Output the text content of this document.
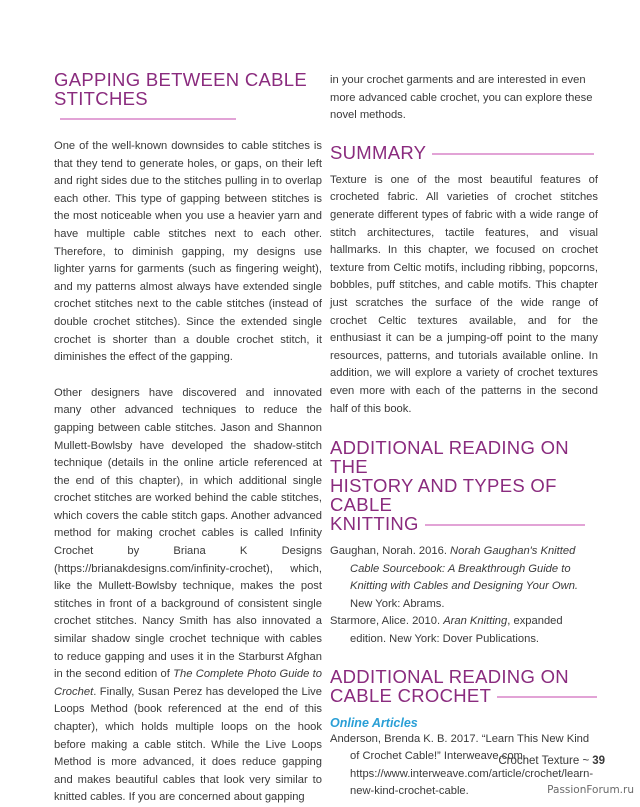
GAPPING BETWEEN CABLE
STITCHES

One of the well-known downsides to cable stitches is that they tend to generate holes, or gaps, on their left and right sides due to the stitches pulling in to overlap each other. This type of gapping between stitches is the most noticeable when you use a heavier yarn and have multiple cable stitches next to each other. Therefore, to diminish gapping, my designs use lighter yarns for garments (such as fingering weight), and my patterns almost always have extended single crochet stitches next to the cable stitches (instead of double crochet stitches). Since the extended single crochet is shorter than a double crochet stitch, it diminishes the effect of the gapping.

Other designers have discovered and innovated many other advanced techniques to reduce the gapping between cable stitches. Jason and Shannon Mullett-Bowlsby have developed the shadow-stitch technique (details in the online article referenced at the end of this chapter), in which additional single crochet stitches are worked behind the cable stitches, which covers the cable stitch gaps. Another advanced method for making crochet cables is called Infinity Crochet by Briana K Designs (https://brianakdesigns.com/infinity-crochet), which, like the Mullett-Bowlsby technique, makes the post stitches in front of a background of consistent single crochet stitches. Nancy Smith has also innovated a similar shadow single crochet technique with cables to reduce gapping and uses it in the Starburst Afghan in the second edition of The Complete Photo Guide to Crochet. Finally, Susan Perez has developed the Live Loops Method (book referenced at the end of this chapter), which holds multiple loops on the hook before making a cable stitch. While the Live Loops Method is more advanced, it does reduce gapping and makes beautiful cables that look very similar to knitted cables. If you are concerned about gapping

in your crochet garments and are interested in even more advanced cable crochet, you can explore these novel methods.

SUMMARY

Texture is one of the most beautiful features of crocheted fabric. All varieties of crochet stitches generate different types of fabric with a wide range of stitch architectures, tactile features, and visual hallmarks. In this chapter, we focused on crochet texture from Celtic motifs, including ribbing, popcorns, bobbles, puff stitches, and cable motifs. This chapter just scratches the surface of the wide range of crochet Celtic textures available, and for the enthusiast it can be a jumping-off point to the many resources, patterns, and tutorials available online. In addition, we will explore a variety of crochet textures even more with each of the patterns in the second half of this book.

ADDITIONAL READING ON THE
HISTORY AND TYPES OF CABLE
KNITTING

Gaughan, Norah. 2016. Norah Gaughan's Knitted Cable Sourcebook: A Breakthrough Guide to Knitting with Cables and Designing Your Own. New York: Abrams.

Starmore, Alice. 2010. Aran Knitting, expanded edition. New York: Dover Publications.

ADDITIONAL READING ON
CABLE CROCHET
Online Articles

Anderson, Brenda K. B. 2017. “Learn This New Kind of Crochet Cable!” Interweave.com. https://www.interweave.com/article/crochet/learn-new-kind-crochet-cable.

Crochet Texture ~ 39
PassionForum.ru
